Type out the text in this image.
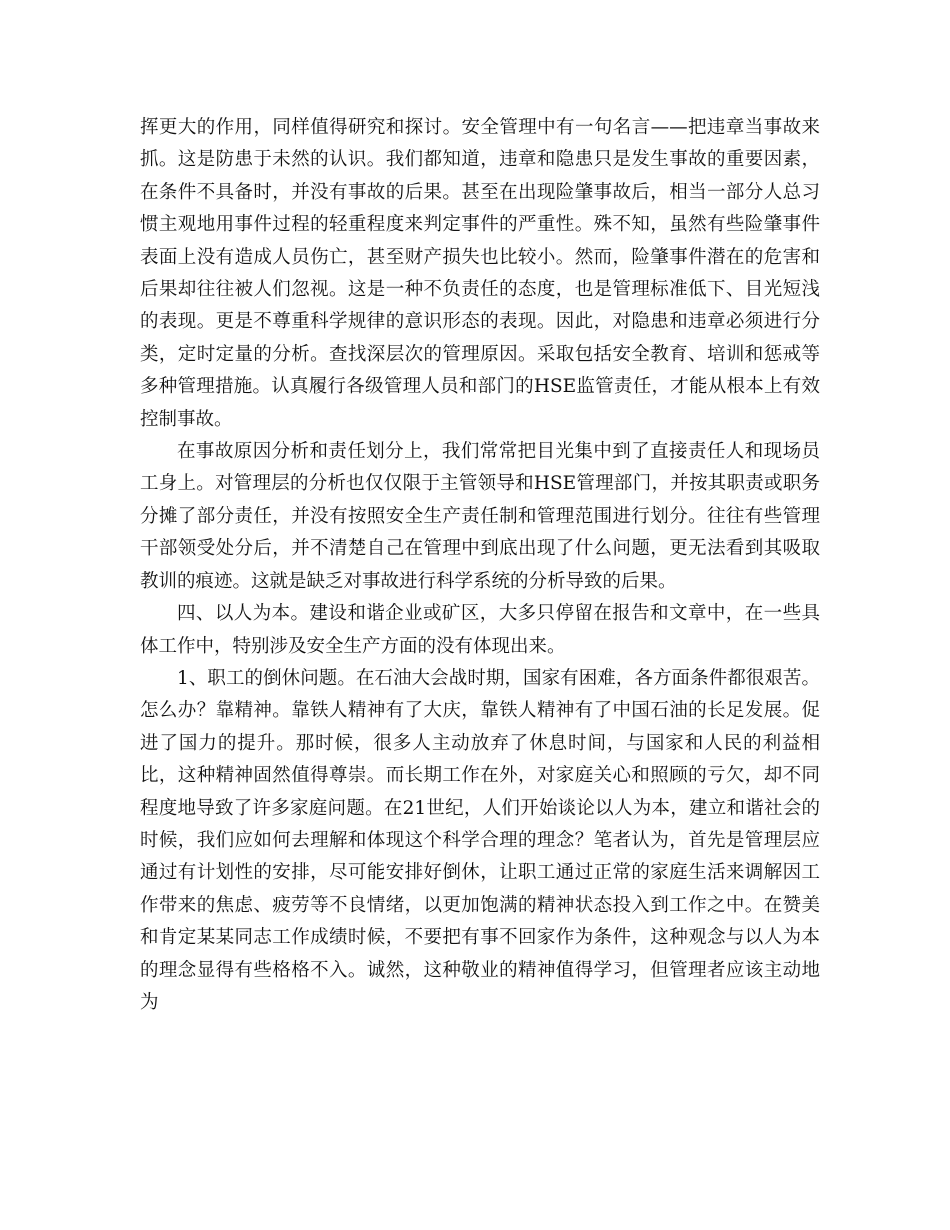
挥更大的作用，同样值得研究和探讨。安全管理中有一句名言——把违章当事故来抓。这是防患于未然的认识。我们都知道，违章和隐患只是发生事故的重要因素，在条件不具备时，并没有事故的后果。甚至在出现险肇事故后，相当一部分人总习惯主观地用事件过程的轻重程度来判定事件的严重性。殊不知，虽然有些险肇事件表面上没有造成人员伤亡，甚至财产损失也比较小。然而，险肇事件潜在的危害和后果却往往被人们忽视。这是一种不负责任的态度，也是管理标准低下、目光短浅的表现。更是不尊重科学规律的意识形态的表现。因此，对隐患和违章必须进行分类，定时定量的分析。查找深层次的管理原因。采取包括安全教育、培训和惩戒等多种管理措施。认真履行各级管理人员和部门的HSE监管责任，才能从根本上有效控制事故。

在事故原因分析和责任划分上，我们常常把目光集中到了直接责任人和现场员工身上。对管理层的分析也仅仅限于主管领导和HSE管理部门，并按其职责或职务分摊了部分责任，并没有按照安全生产责任制和管理范围进行划分。往往有些管理干部领受处分后，并不清楚自己在管理中到底出现了什么问题，更无法看到其吸取教训的痕迹。这就是缺乏对事故进行科学系统的分析导致的后果。

四、以人为本。建设和谐企业或矿区，大多只停留在报告和文章中，在一些具体工作中，特别涉及安全生产方面的没有体现出来。

1、职工的倒休问题。在石油大会战时期，国家有困难，各方面条件都很艰苦。怎么办？靠精神。靠铁人精神有了大庆，靠铁人精神有了中国石油的长足发展。促进了国力的提升。那时候，很多人主动放弃了休息时间，与国家和人民的利益相比，这种精神固然值得尊崇。而长期工作在外，对家庭关心和照顾的亏欠，却不同程度地导致了许多家庭问题。在21世纪，人们开始谈论以人为本，建立和谐社会的时候，我们应如何去理解和体现这个科学合理的理念？笔者认为，首先是管理层应通过有计划性的安排，尽可能安排好倒休，让职工通过正常的家庭生活来调解因工作带来的焦虑、疲劳等不良情绪，以更加饱满的精神状态投入到工作之中。在赞美和肯定某某同志工作成绩时候，不要把有事不回家作为条件，这种观念与以人为本的理念显得有些格格不入。诚然，这种敬业的精神值得学习，但管理者应该主动地为
